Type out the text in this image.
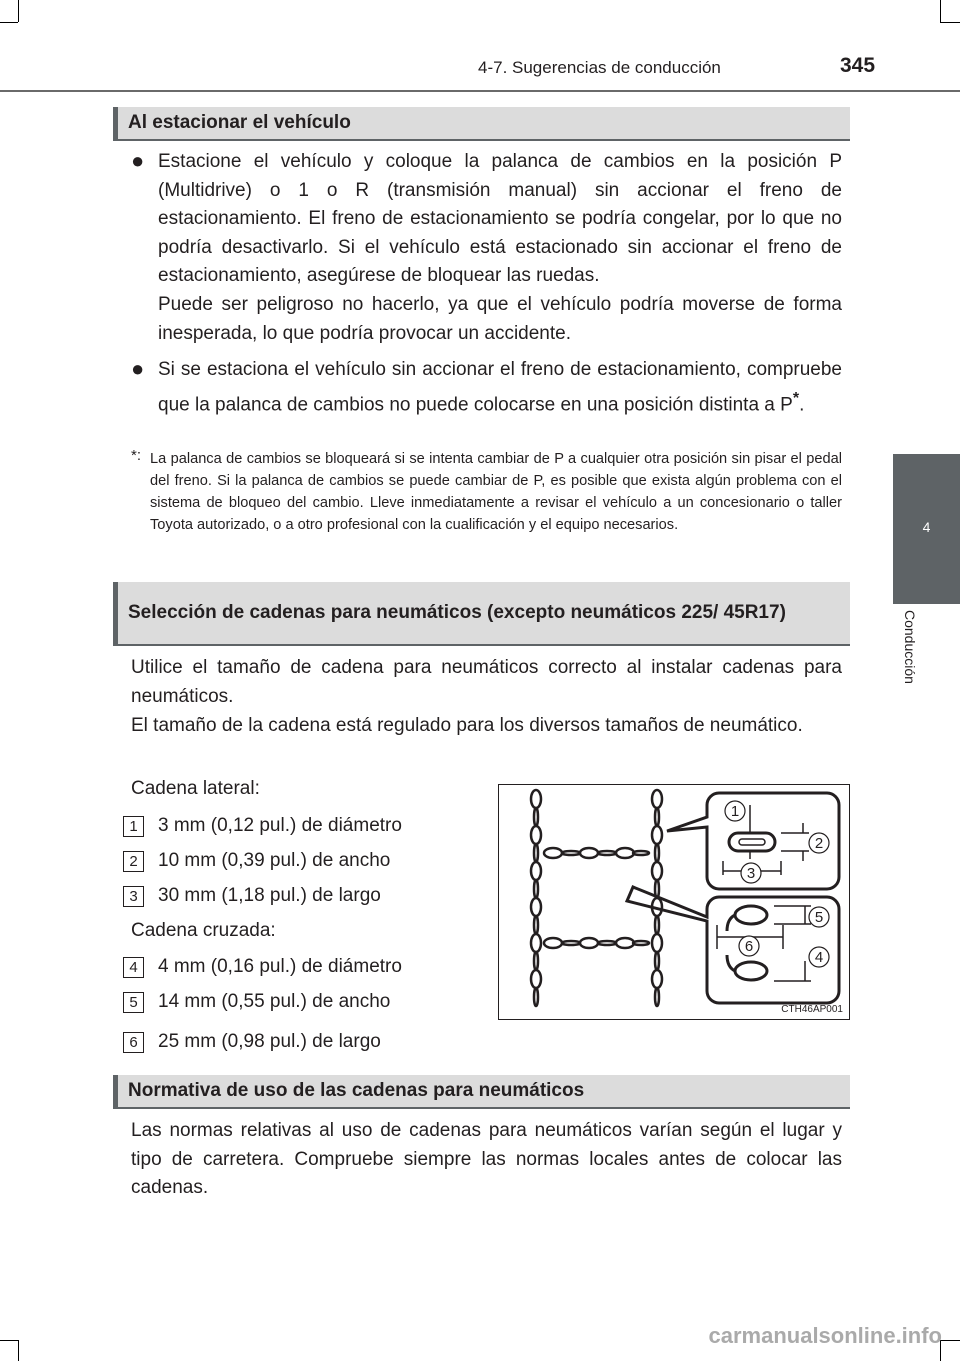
4-7. Sugerencias de conducción	345
4
Conducción
Al estacionar el vehículo
● Estacione el vehículo y coloque la palanca de cambios en la posición P (Multidrive) o 1 o R (transmisión manual) sin accionar el freno de estacionamiento. El freno de estacionamiento se podría congelar, por lo que no podría desactivarlo. Si el vehículo está estacionado sin accionar el freno de estacionamiento, asegúrese de bloquear las ruedas.
Puede ser peligroso no hacerlo, ya que el vehículo podría moverse de forma inesperada, lo que podría provocar un accidente.
● Si se estaciona el vehículo sin accionar el freno de estacionamiento, compruebe que la palanca de cambios no puede colocarse en una posición distinta a P*.
*: La palanca de cambios se bloqueará si se intenta cambiar de P a cualquier otra posición sin pisar el pedal del freno. Si la palanca de cambios se puede cambiar de P, es posible que exista algún problema con el sistema de bloqueo del cambio. Lleve inmediatamente a revisar el vehículo a un concesionario o taller Toyota autorizado, o a otro profesional con la cualificación y el equipo necesarios.
Selección de cadenas para neumáticos (excepto neumáticos 225/ 45R17)
Utilice el tamaño de cadena para neumáticos correcto al instalar cadenas para neumáticos.
El tamaño de la cadena está regulado para los diversos tamaños de neumático.
Cadena lateral:
1	3 mm (0,12 pul.) de diámetro
2	10 mm (0,39 pul.) de ancho
3	30 mm (1,18 pul.) de largo
Cadena cruzada:
4	4 mm (0,16 pul.) de diámetro
5	14 mm (0,55 pul.) de ancho
6	25 mm (0,98 pul.) de largo
1
2
3
4
5
6
CTH46AP001
Normativa de uso de las cadenas para neumáticos
Las normas relativas al uso de cadenas para neumáticos varían según el lugar y tipo de carretera. Compruebe siempre las normas locales antes de colocar las cadenas.
carmanualsonline.info
